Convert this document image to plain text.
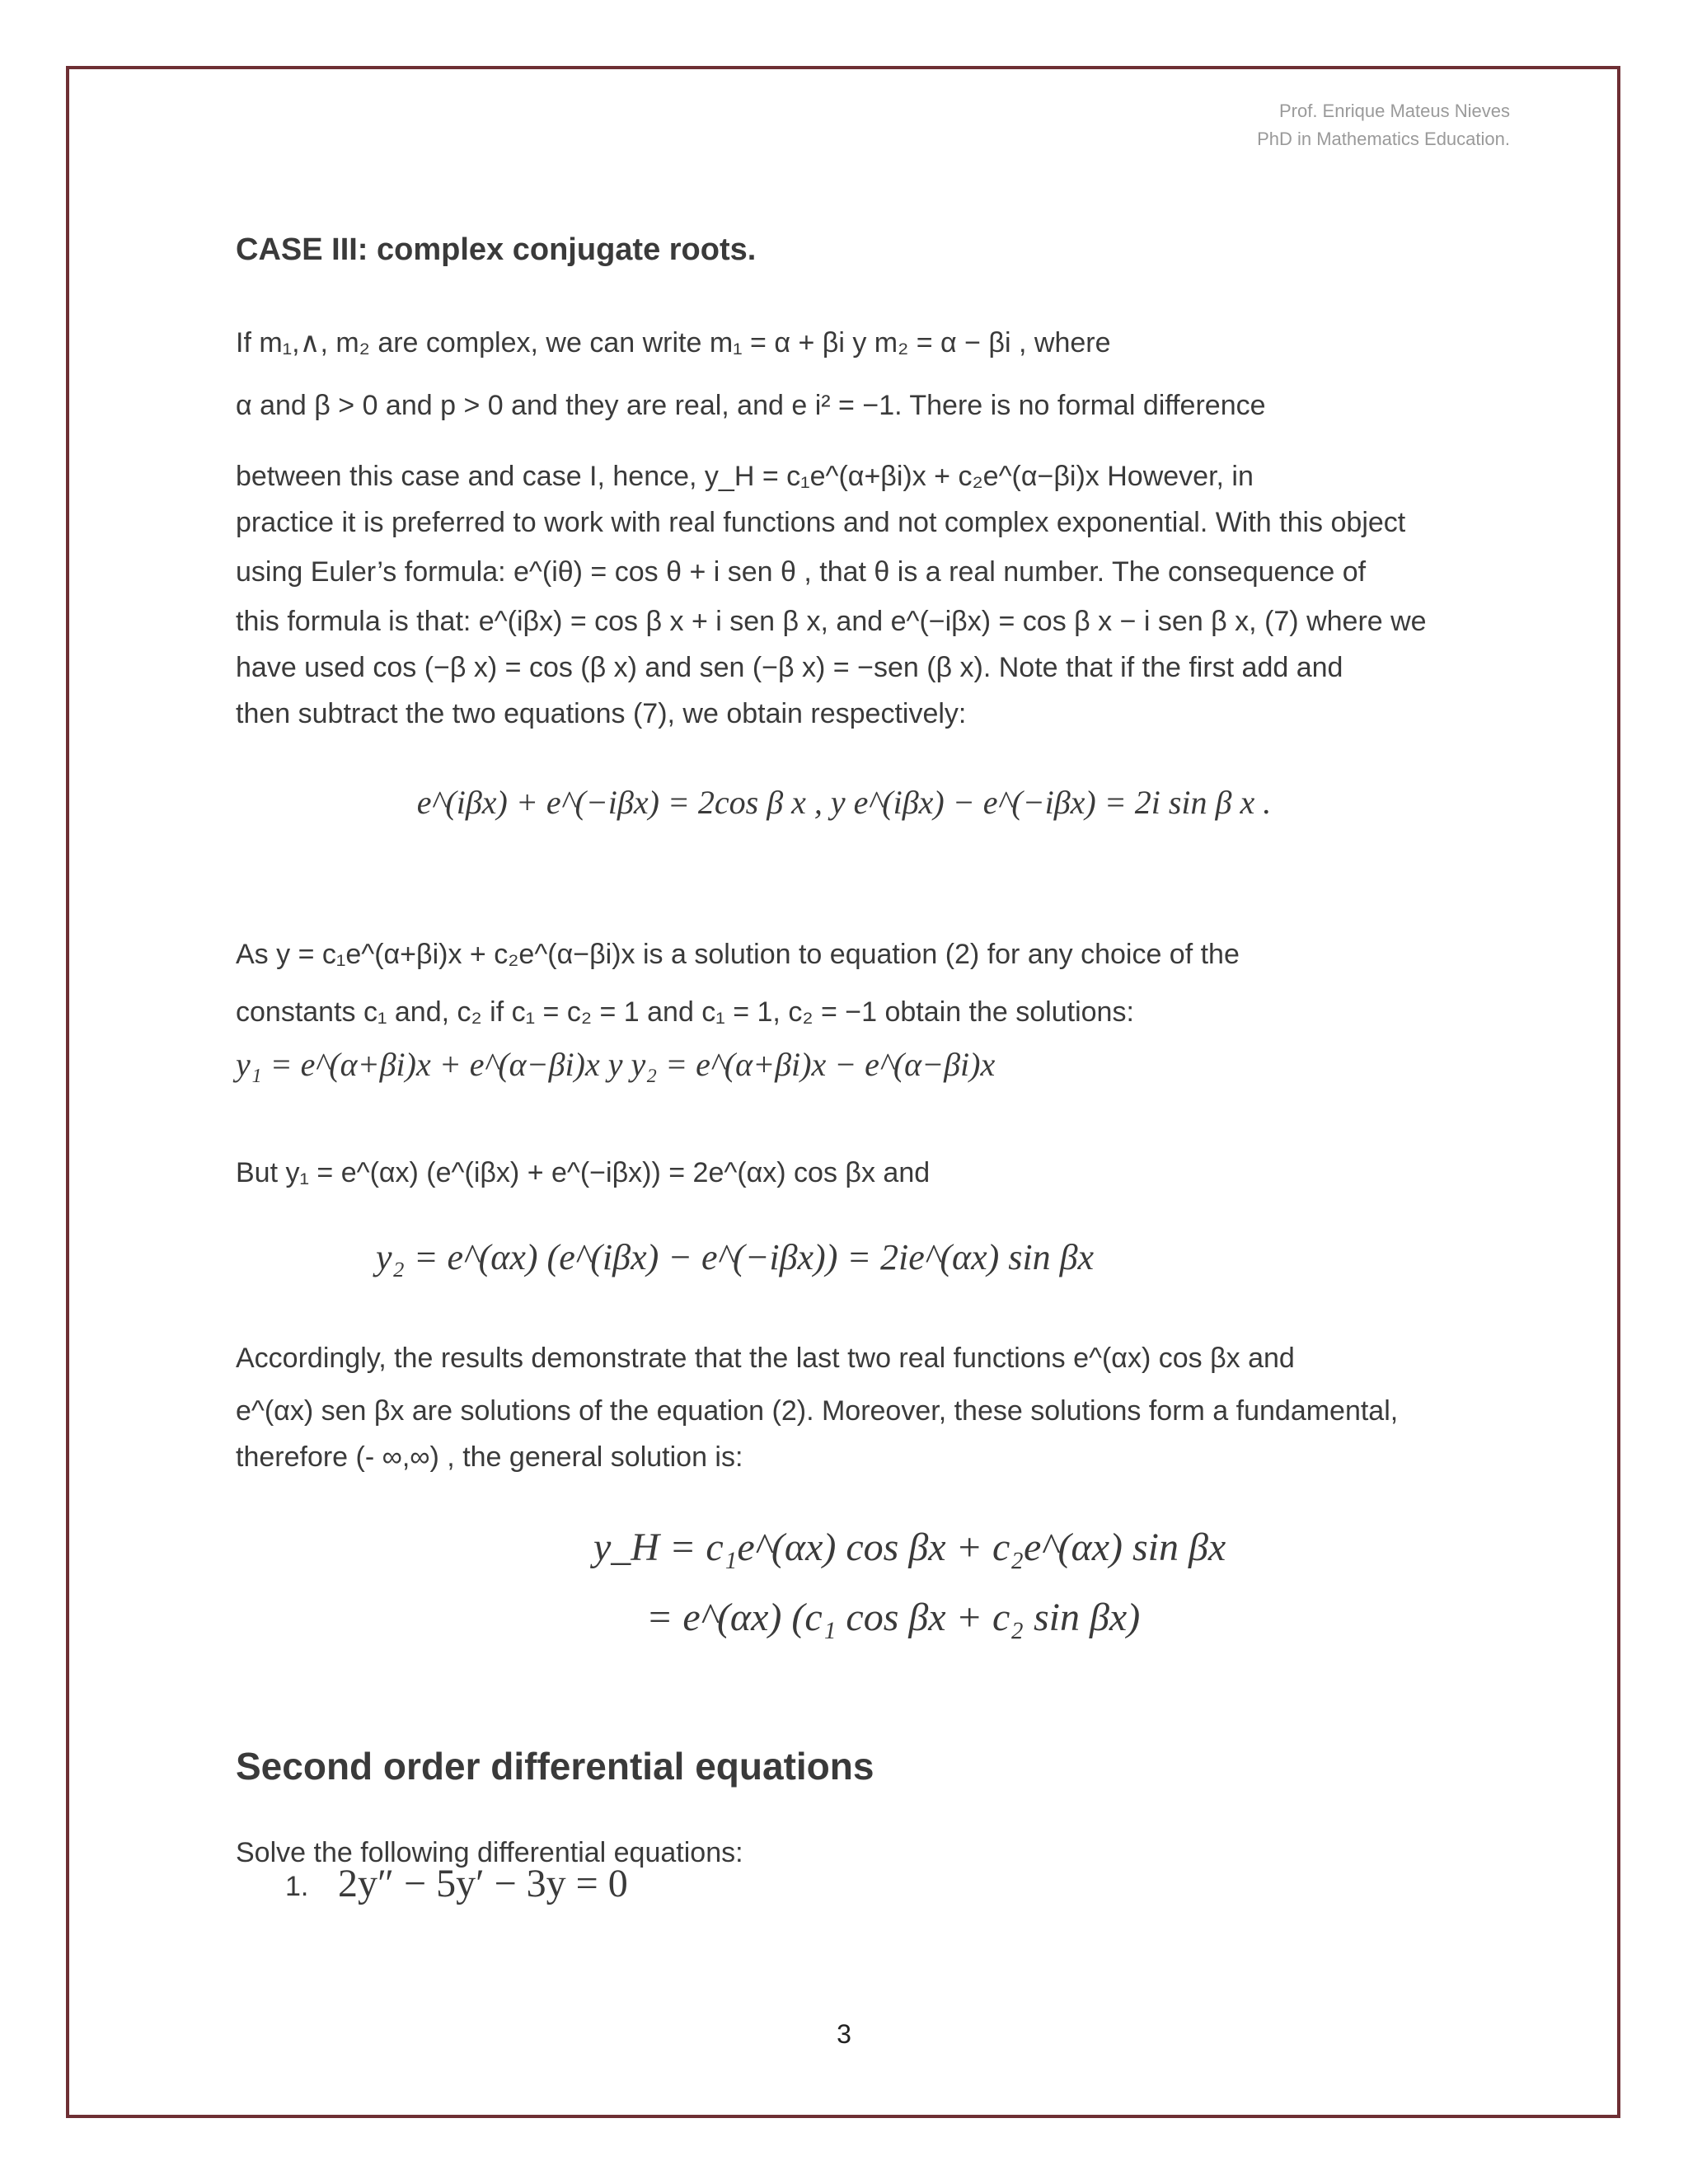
Prof. Enrique Mateus Nieves
PhD in Mathematics Education.
CASE III: complex conjugate roots.
If m₁,∧, m₂ are complex, we can write m₁ = α + βi y m₂ = α − βi , where
α and β > 0 and p > 0 and they are real, and e i² = −1. There is no formal difference
between this case and case I, hence, y_H = c₁e^(α+βi)x + c₂e^(α−βi)x However, in
practice it is preferred to work with real functions and not complex exponential. With this object
using Euler’s formula: e^(iθ) = cos θ + i sen θ , that θ is a real number. The consequence of
this formula is that: e^(iβx) = cos β x + i sen β x, and e^(−iβx) = cos β x − i sen β x, (7) where we
have used cos (−β x) = cos (β x) and sen (−β x) = −sen (β x). Note that if the first add and
then subtract the two equations (7), we obtain respectively:
e^(iβx) + e^(−iβx) = 2cos β x , y e^(iβx) − e^(−iβx) = 2i sin β x .
As y = c₁e^(α+βi)x + c₂e^(α−βi)x is a solution to equation (2) for any choice of the
constants c₁ and, c₂ if c₁ = c₂ = 1 and c₁ = 1, c₂ = −1 obtain the solutions:
y₁ = e^(α+βi)x + e^(α−βi)x y y₂ = e^(α+βi)x − e^(α−βi)x
But y₁ = e^(αx) (e^(iβx) + e^(−iβx)) = 2e^(αx) cos βx and
y₂ = e^(αx) (e^(iβx) − e^(−iβx)) = 2ie^(αx) sin βx
Accordingly, the results demonstrate that the last two real functions e^(αx) cos βx and
e^(αx) sen βx are solutions of the equation (2). Moreover, these solutions form a fundamental,
therefore (- ∞,∞) , the general solution is:
y_H = c₁e^(αx) cos βx + c₂e^(αx) sin βx
= e^(αx) (c₁ cos βx + c₂ sin βx)
Second order differential equations
Solve the following differential equations:
1. 2y″ − 5y′ − 3y = 0
3
